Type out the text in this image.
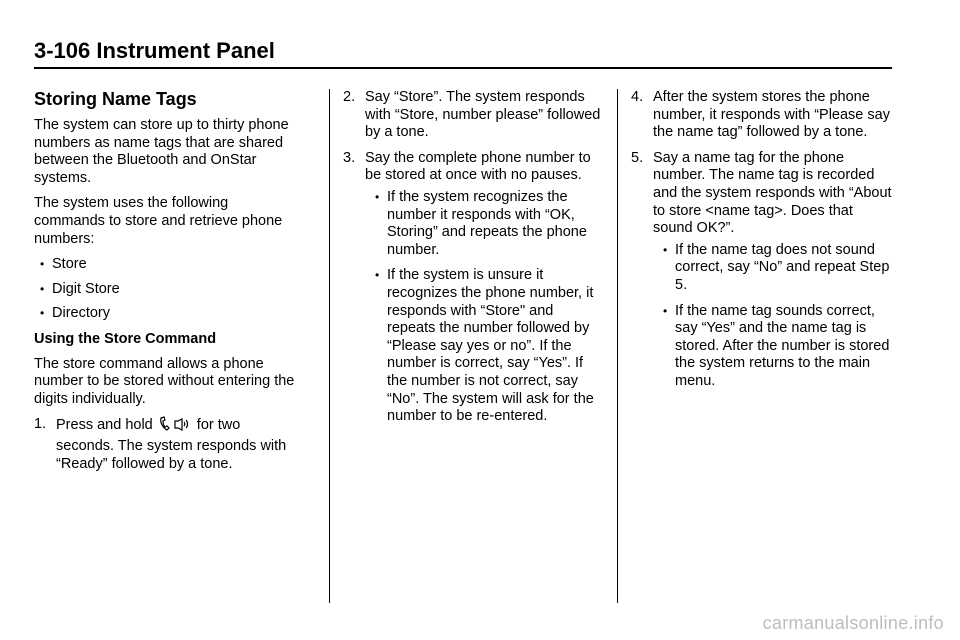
3-106 Instrument Panel
Storing Name Tags

The system can store up to thirty phone numbers as name tags that are shared between the Bluetooth and OnStar systems.

The system uses the following commands to store and retrieve phone numbers:

• Store
• Digit Store
• Directory
Using the Store Command

The store command allows a phone number to be stored without entering the digits individually.

1. Press and hold	for two seconds. The system responds with “Ready” followed by a tone.
2. Say “Store”. The system responds with “Store, number please” followed by a tone.
3. Say the complete phone number to be stored at once with no pauses.
• If the system recognizes the number it responds with “OK, Storing” and repeats the phone number.
• If the system is unsure it recognizes the phone number, it responds with “Store" and repeats the number followed by “Please say yes or no”. If the number is correct, say “Yes”. If the number is not correct, say “No”. The system will ask for the number to be re-entered.
4. After the system stores the phone number, it responds with “Please say the name tag” followed by a tone.
5. Say a name tag for the phone number. The name tag is recorded and the system responds with “About to store <name tag>. Does that sound OK?”.
• If the name tag does not sound correct, say “No” and repeat Step 5.
• If the name tag sounds correct, say “Yes” and the name tag is stored. After the number is stored the system returns to the main menu.
carmanualsonline.info
